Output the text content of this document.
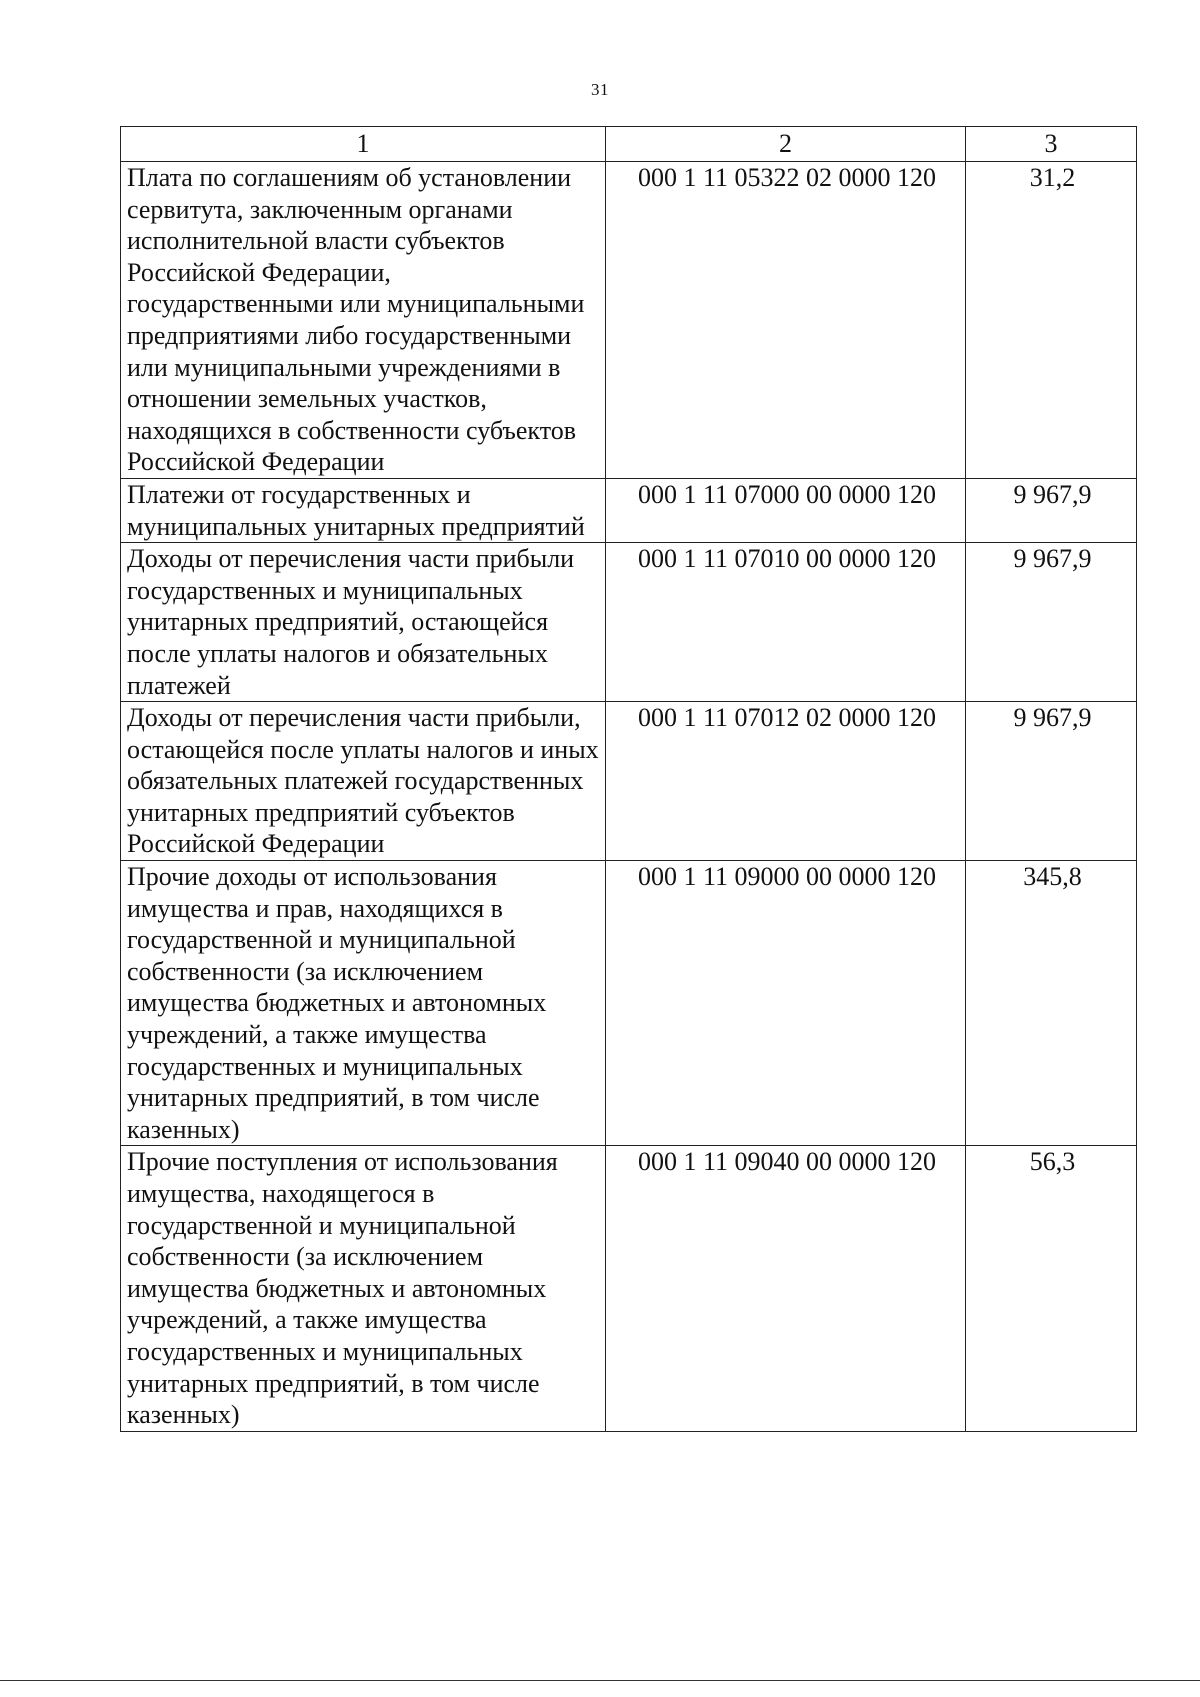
31
1	2	3
Плата по соглашениям об установлении сервитута, заключенным органами исполнительной власти субъектов Российской Федерации, государственными или муниципальными предприятиями либо государственными или муниципальными учреждениями в отношении земельных участков, находящихся в собственности субъектов Российской Федерации	000 1 11 05322 02 0000 120	31,2
Платежи от государственных и муниципальных унитарных предприятий	000 1 11 07000 00 0000 120	9 967,9
Доходы от перечисления части прибыли государственных и муниципальных унитарных предприятий, остающейся после уплаты налогов и обязательных платежей	000 1 11 07010 00 0000 120	9 967,9
Доходы от перечисления части прибыли, остающейся после уплаты налогов и иных обязательных платежей государственных унитарных предприятий субъектов Российской Федерации	000 1 11 07012 02 0000 120	9 967,9
Прочие доходы от использования имущества и прав, находящихся в государственной и муниципальной собственности (за исключением имущества бюджетных и автономных учреждений, а также имущества государственных и муниципальных унитарных предприятий, в том числе казенных)	000 1 11 09000 00 0000 120	345,8
Прочие поступления от использования имущества, находящегося в государственной и муниципальной собственности (за исключением имущества бюджетных и автономных учреждений, а также имущества государственных и муниципальных унитарных предприятий, в том числе казенных)	000 1 11 09040 00 0000 120	56,3
